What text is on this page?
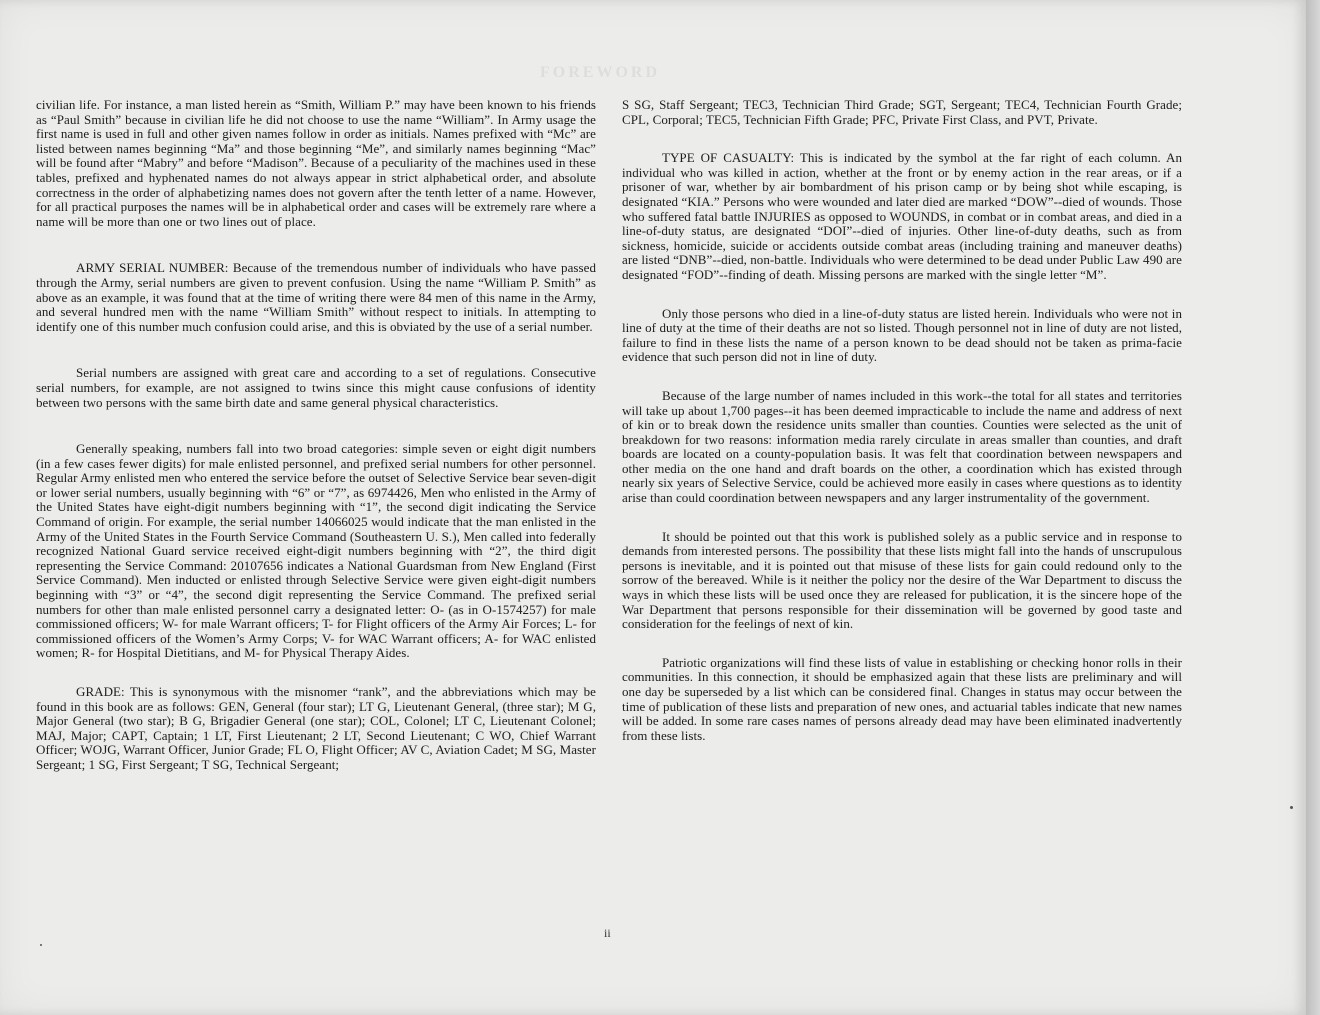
FOREWORD

civilian life. For instance, a man listed herein as “Smith, William P.” may have been known to his friends as “Paul Smith” because in civilian life he did not choose to use the name “William”. In Army usage the first name is used in full and other given names follow in order as initials. Names prefixed with “Mc” are listed between names beginning “Ma” and those beginning “Me”, and similarly names beginning “Mac” will be found after “Mabry” and before “Madison”. Because of a peculiarity of the machines used in these tables, prefixed and hyphenated names do not always appear in strict alphabetical order, and absolute correctness in the order of alphabetizing names does not govern after the tenth letter of a name. However, for all practical purposes the names will be in alphabetical order and cases will be extremely rare where a name will be more than one or two lines out of place.

ARMY SERIAL NUMBER: Because of the tremendous number of individuals who have passed through the Army, serial numbers are given to prevent confusion. Using the name “William P. Smith” as above as an example, it was found that at the time of writing there were 84 men of this name in the Army, and several hundred men with the name “William Smith” without respect to initials. In attempting to identify one of this number much confusion could arise, and this is obviated by the use of a serial number.

Serial numbers are assigned with great care and according to a set of regulations. Consecutive serial numbers, for example, are not assigned to twins since this might cause confusions of identity between two persons with the same birth date and same general physical characteristics.

Generally speaking, numbers fall into two broad categories: simple seven or eight digit numbers (in a few cases fewer digits) for male enlisted personnel, and prefixed serial numbers for other personnel. Regular Army enlisted men who entered the service before the outset of Selective Service bear seven-digit or lower serial numbers, usually beginning with “6” or “7”, as 6974426, Men who enlisted in the Army of the United States have eight-digit numbers beginning with “1”, the second digit indicating the Service Command of origin. For example, the serial number 14066025 would indicate that the man enlisted in the Army of the United States in the Fourth Service Command (Southeastern U. S.), Men called into federally recognized National Guard service received eight-digit numbers beginning with “2”, the third digit representing the Service Command: 20107656 indicates a National Guardsman from New England (First Service Command). Men inducted or enlisted through Selective Service were given eight-digit numbers beginning with “3” or “4”, the second digit representing the Service Command. The prefixed serial numbers for other than male enlisted personnel carry a designated letter: O- (as in O-1574257) for male commissioned officers; W- for male Warrant officers; T- for Flight officers of the Army Air Forces; L- for commissioned officers of the Women’s Army Corps; V- for WAC Warrant officers; A- for WAC enlisted women; R- for Hospital Dietitians, and M- for Physical Therapy Aides.

GRADE: This is synonymous with the misnomer “rank”, and the abbreviations which may be found in this book are as follows: GEN, General (four star); LT G, Lieutenant General, (three star); M G, Major General (two star); B G, Brigadier General (one star); COL, Colonel; LT C, Lieutenant Colonel; MAJ, Major; CAPT, Captain; 1 LT, First Lieutenant; 2 LT, Second Lieutenant; C WO, Chief Warrant Officer; WOJG, Warrant Officer, Junior Grade; FL O, Flight Officer; AV C, Aviation Cadet; M SG, Master Sergeant; 1 SG, First Sergeant; T SG, Technical Sergeant;

S SG, Staff Sergeant; TEC3, Technician Third Grade; SGT, Sergeant; TEC4, Technician Fourth Grade; CPL, Corporal; TEC5, Technician Fifth Grade; PFC, Private First Class, and PVT, Private.

TYPE OF CASUALTY: This is indicated by the symbol at the far right of each column. An individual who was killed in action, whether at the front or by enemy action in the rear areas, or if a prisoner of war, whether by air bombardment of his prison camp or by being shot while escaping, is designated “KIA.” Persons who were wounded and later died are marked “DOW”--died of wounds. Those who suffered fatal battle INJURIES as opposed to WOUNDS, in combat or in combat areas, and died in a line-of-duty status, are designated “DOI”--died of injuries. Other line-of-duty deaths, such as from sickness, homicide, suicide or accidents outside combat areas (including training and maneuver deaths) are listed “DNB”--died, non-battle. Individuals who were determined to be dead under Public Law 490 are designated “FOD”--finding of death. Missing persons are marked with the single letter “M”.

Only those persons who died in a line-of-duty status are listed herein. Individuals who were not in line of duty at the time of their deaths are not so listed. Though personnel not in line of duty are not listed, failure to find in these lists the name of a person known to be dead should not be taken as prima-facie evidence that such person did not in line of duty.

Because of the large number of names included in this work--the total for all states and territories will take up about 1,700 pages--it has been deemed impracticable to include the name and address of next of kin or to break down the residence units smaller than counties. Counties were selected as the unit of breakdown for two reasons: information media rarely circulate in areas smaller than counties, and draft boards are located on a county-population basis. It was felt that coordination between newspapers and other media on the one hand and draft boards on the other, a coordination which has existed through nearly six years of Selective Service, could be achieved more easily in cases where questions as to identity arise than could coordination between newspapers and any larger instrumentality of the government.

It should be pointed out that this work is published solely as a public service and in response to demands from interested persons. The possibility that these lists might fall into the hands of unscrupulous persons is inevitable, and it is pointed out that misuse of these lists for gain could redound only to the sorrow of the bereaved. While is it neither the policy nor the desire of the War Department to discuss the ways in which these lists will be used once they are released for publication, it is the sincere hope of the War Department that persons responsible for their dissemination will be governed by good taste and consideration for the feelings of next of kin.

Patriotic organizations will find these lists of value in establishing or checking honor rolls in their communities. In this connection, it should be emphasized again that these lists are preliminary and will one day be superseded by a list which can be considered final. Changes in status may occur between the time of publication of these lists and preparation of new ones, and actuarial tables indicate that new names will be added. In some rare cases names of persons already dead may have been eliminated inadvertently from these lists.

ii
